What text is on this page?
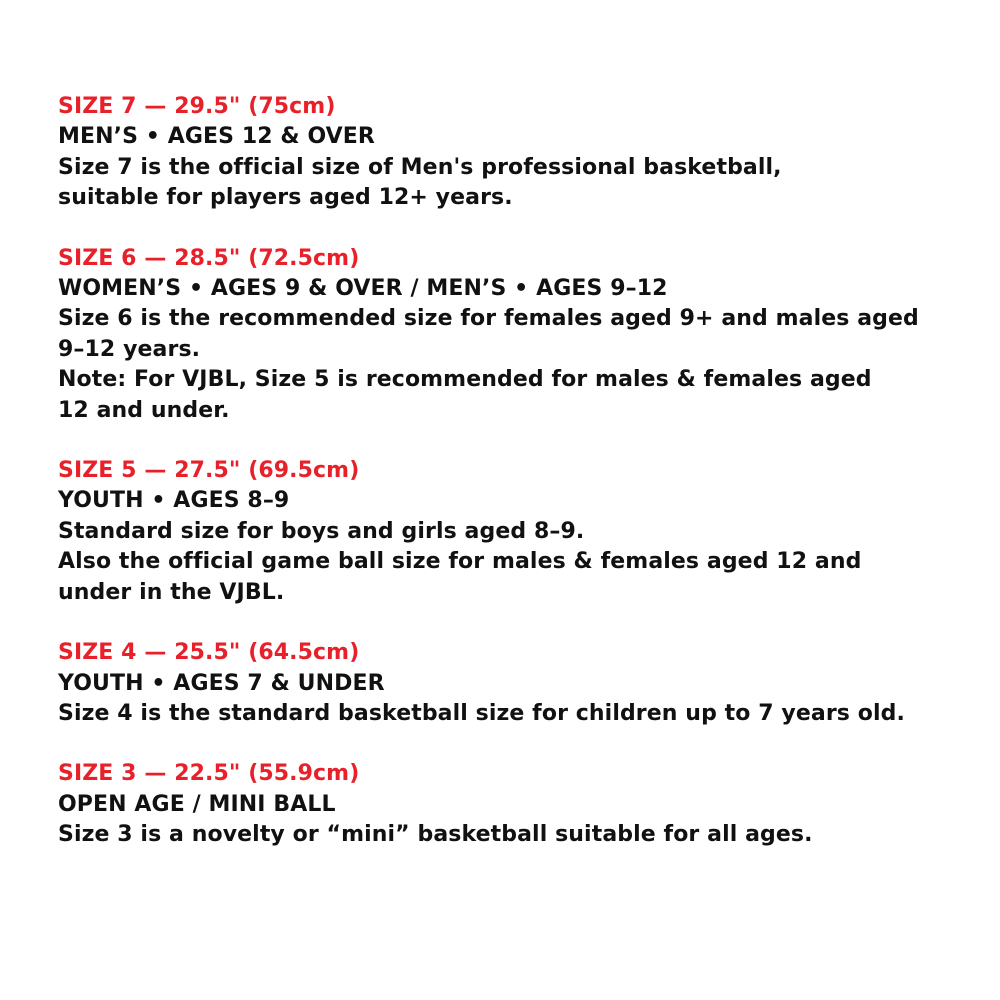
SIZE 7 — 29.5" (75cm)
MEN’S • AGES 12 & OVER
Size 7 is the official size of Men's professional basketball,
suitable for players aged 12+ years.
SIZE 6 — 28.5" (72.5cm)
WOMEN’S • AGES 9 & OVER / MEN’S • AGES 9–12
Size 6 is the recommended size for females aged 9+ and males aged
9–12 years.
Note: For VJBL, Size 5 is recommended for males & females aged
12 and under.
SIZE 5 — 27.5" (69.5cm)
YOUTH • AGES 8–9
Standard size for boys and girls aged 8–9.
Also the official game ball size for males & females aged 12 and
under in the VJBL.
SIZE 4 — 25.5" (64.5cm)
YOUTH • AGES 7 & UNDER
Size 4 is the standard basketball size for children up to 7 years old.
SIZE 3 — 22.5" (55.9cm)
OPEN AGE / MINI BALL
Size 3 is a novelty or “mini” basketball suitable for all ages.
